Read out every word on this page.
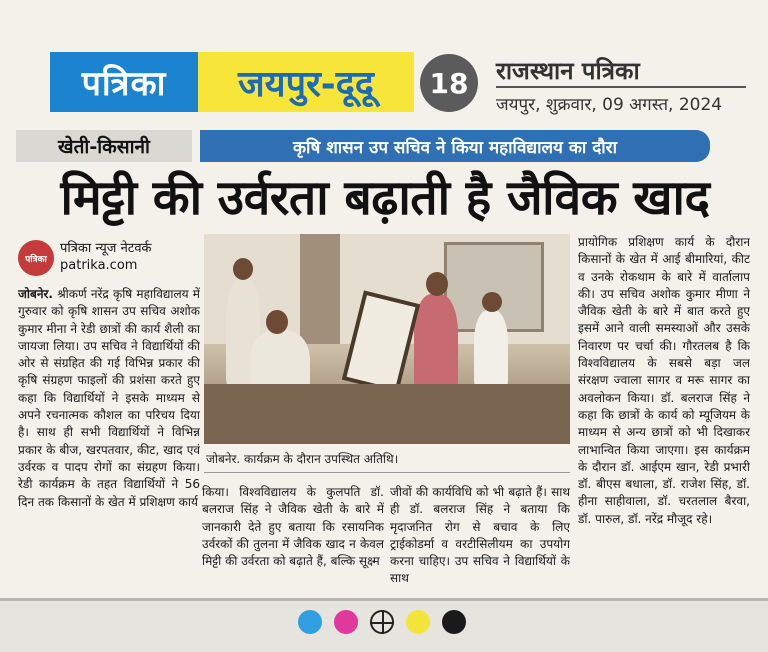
पत्रिका	जयपुर-दूदू	18	राजस्थान पत्रिका
जयपुर, शुक्रवार, 09 अगस्त, 2024
खेती-किसानी	कृषि शासन उप सचिव ने किया महाविद्यालय का दौरा
मिट्टी की उर्वरता बढ़ाती है जैविक खाद
पत्रिका
पत्रिका न्यूज नेटवर्क
patrika.com
जोबनेर. श्रीकर्ण नरेंद्र कृषि महाविद्यालय में गुरुवार को कृषि शासन उप सचिव अशोक कुमार मीना ने रेडी छात्रों की कार्य शैली का जायजा लिया। उप सचिव ने विद्यार्थियों की ओर से संग्रहित की गई विभिन्न प्रकार की कृषि संग्रहण फाइलों की प्रशंसा करते हुए कहा कि विद्यार्थियों ने इसके माध्यम से अपने रचनात्मक कौशल का परिचय दिया है। साथ ही सभी विद्यार्थियों ने विभिन्न प्रकार के बीज, खरपतवार, कीट, खाद एवं उर्वरक व पादप रोगों का संग्रहण किया। रेडी कार्यक्रम के तहत विद्यार्थियों ने 56 दिन तक किसानों के खेत में प्रशिक्षण कार्य
जोबनेर. कार्यक्रम के दौरान उपस्थित अतिथि।
किया। विश्वविद्यालय के कुलपति डॉ. बलराज सिंह ने जैविक खेती के बारे में जानकारी देते हुए बताया कि रसायनिक उर्वरकों की तुलना में जैविक खाद न केवल मिट्टी की उर्वरता को बढ़ाते हैं, बल्कि सूक्ष्म
जीवों की कार्यविधि को भी बढ़ाते हैं। साथ ही डॉ. बलराज सिंह ने बताया कि मृदाजनित रोग से बचाव के लिए ट्राईकोडर्मा व वरटीसिलीयम का उपयोग करना चाहिए। उप सचिव ने विद्यार्थियों के साथ
प्रायोगिक प्रशिक्षण कार्य के दौरान किसानों के खेत में आई बीमारियां, कीट व उनके रोकथाम के बारे में वार्तालाप की। उप सचिव अशोक कुमार मीणा ने जैविक खेती के बारे में बात करते हुए इसमें आने वाली समस्याओं और उसके निवारण पर चर्चा की। गौरतलब है कि विश्वविद्यालय के सबसे बड़ा जल संरक्षण ज्वाला सागर व मरू सागर का अवलोकन किया। डॉ. बलराज सिंह ने कहा कि छात्रों के कार्य को म्यूजियम के माध्यम से अन्य छात्रों को भी दिखाकर लाभान्वित किया जाएगा। इस कार्यक्रम के दौरान डॉ. आईएम खान, रेडी प्रभारी डॉ. बीएस बधाला, डॉ. राजेश सिंह, डॉ. हीना साहीवाला, डॉ. चरतलाल बैरवा, डॉ. पारुल, डॉ. नरेंद्र मौजूद रहे।
